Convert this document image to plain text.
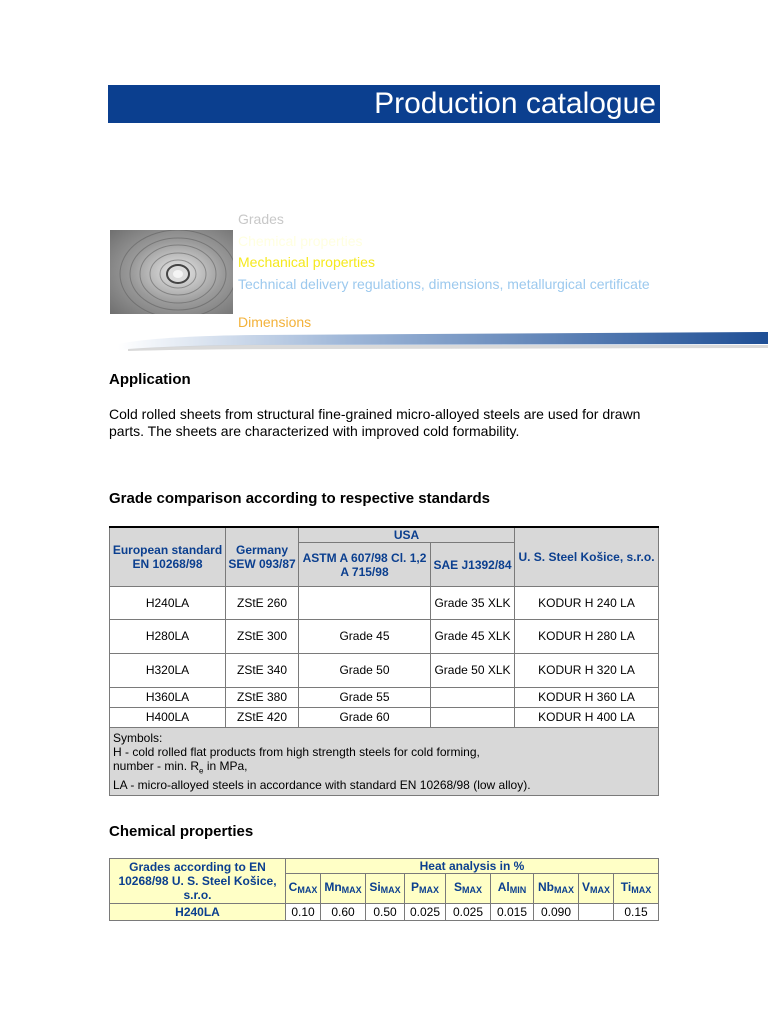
Production catalogue
Grades
Chemical properties
Mechanical properties
Technical delivery regulations, dimensions, metallurgical certificate
Dimensions
Application

Cold rolled sheets from structural fine-grained micro-alloyed steels are used for drawn parts. The sheets are characterized with improved cold formability.

Grade comparison according to respective standards
European standard EN 10268/98	Germany SEW 093/87	USA		U. S. Steel Košice, s.r.o.
		ASTM A 607/98 Cl. 1,2 A 715/98	SAE J1392/84	
H240LA	ZStE 260		Grade 35 XLK	KODUR H 240 LA
H280LA	ZStE 300	Grade 45	Grade 45 XLK	KODUR H 280 LA
H320LA	ZStE 340	Grade 50	Grade 50 XLK	KODUR H 320 LA
H360LA	ZStE 380	Grade 55		KODUR H 360 LA
H400LA	ZStE 420	Grade 60		KODUR H 400 LA
Symbols:
H - cold rolled flat products from high strength steels for cold forming,
number - min. $R_e$ in MPa,
LA - micro-alloyed steels in accordance with standard EN 10268/98 (low alloy).				
Chemical properties
Grades according to EN 10268/98 U. S. Steel Košice, s.r.o.	Heat analysis in %								
	$C_{MAX}$	$Mn_{MAX}$	$Si_{MAX}$	$P_{MAX}$	$S_{MAX}$	$Al_{MIN}$	$Nb_{MAX}$	$V_{MAX}$	$Ti_{MAX}$
H240LA	0.10	0.60	0.50	0.025	0.025	0.015	0.090		0.15
